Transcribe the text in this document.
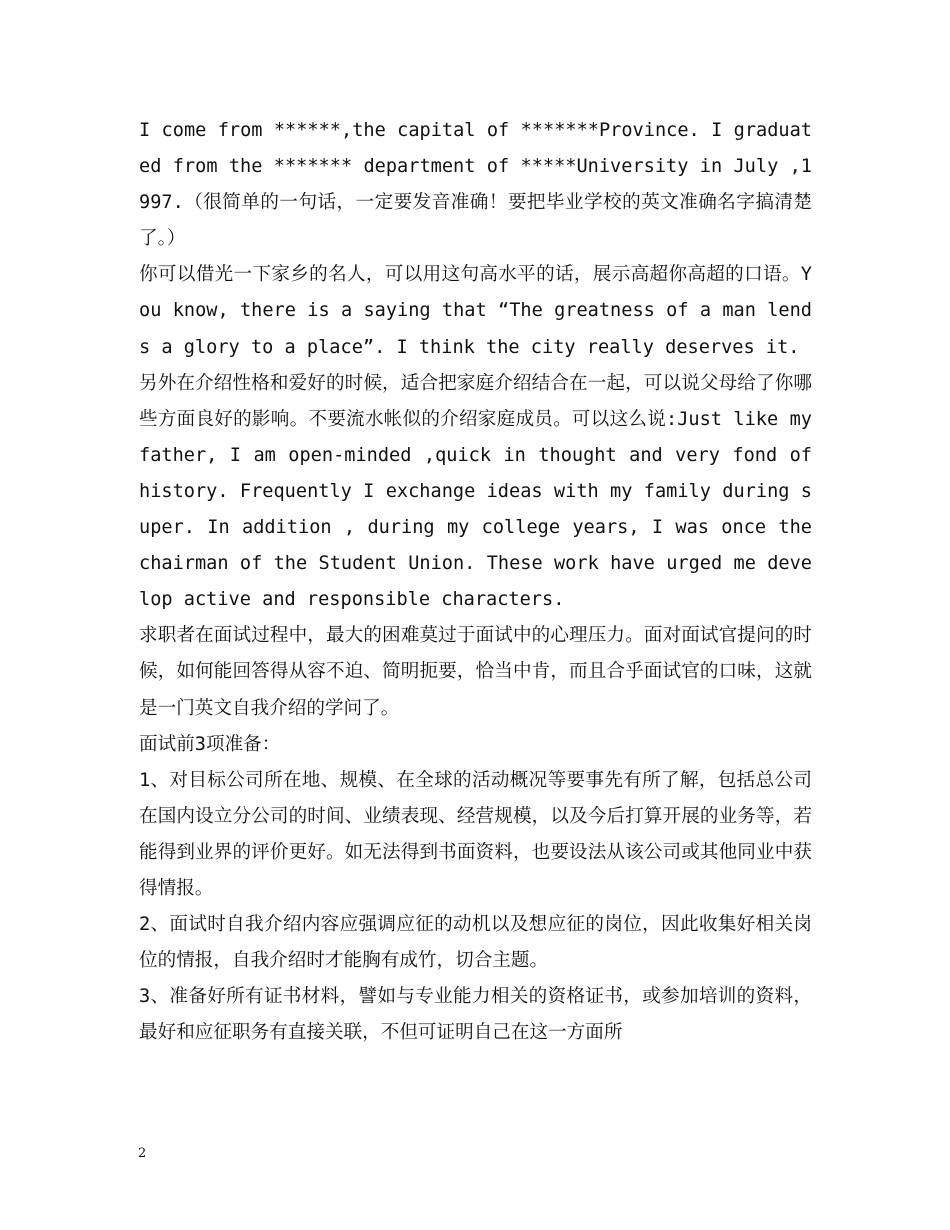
I come from ******,the capital of *******Province. I graduated from the ******* department of *****University in July ,1997.（很简单的一句话，一定要发音准确！要把毕业学校的英文准确名字搞清楚了。）

你可以借光一下家乡的名人，可以用这句高水平的话，展示高超你高超的口语。You know, there is a saying that “The greatness of a man lends a glory to a place”. I think the city really deserves it.

另外在介绍性格和爱好的时候，适合把家庭介绍结合在一起，可以说父母给了你哪些方面良好的影响。不要流水帐似的介绍家庭成员。可以这么说:Just like my father, I am open-minded ,quick in thought and very fond of history. Frequently I exchange ideas with my family during super. In addition , during my college years, I was once the chairman of the Student Union. These work have urged me develop active and responsible characters.

求职者在面试过程中，最大的困难莫过于面试中的心理压力。面对面试官提问的时候，如何能回答得从容不迫、简明扼要，恰当中肯，而且合乎面试官的口味，这就是一门英文自我介绍的学问了。

面试前3项准备：

1、对目标公司所在地、规模、在全球的活动概况等要事先有所了解，包括总公司在国内设立分公司的时间、业绩表现、经营规模，以及今后打算开展的业务等，若能得到业界的评价更好。如无法得到书面资料，也要设法从该公司或其他同业中获得情报。

2、面试时自我介绍内容应强调应征的动机以及想应征的岗位，因此收集好相关岗位的情报，自我介绍时才能胸有成竹，切合主题。

3、准备好所有证书材料，譬如与专业能力相关的资格证书，或参加培训的资料，最好和应征职务有直接关联，不但可证明自己在这一方面所

2
